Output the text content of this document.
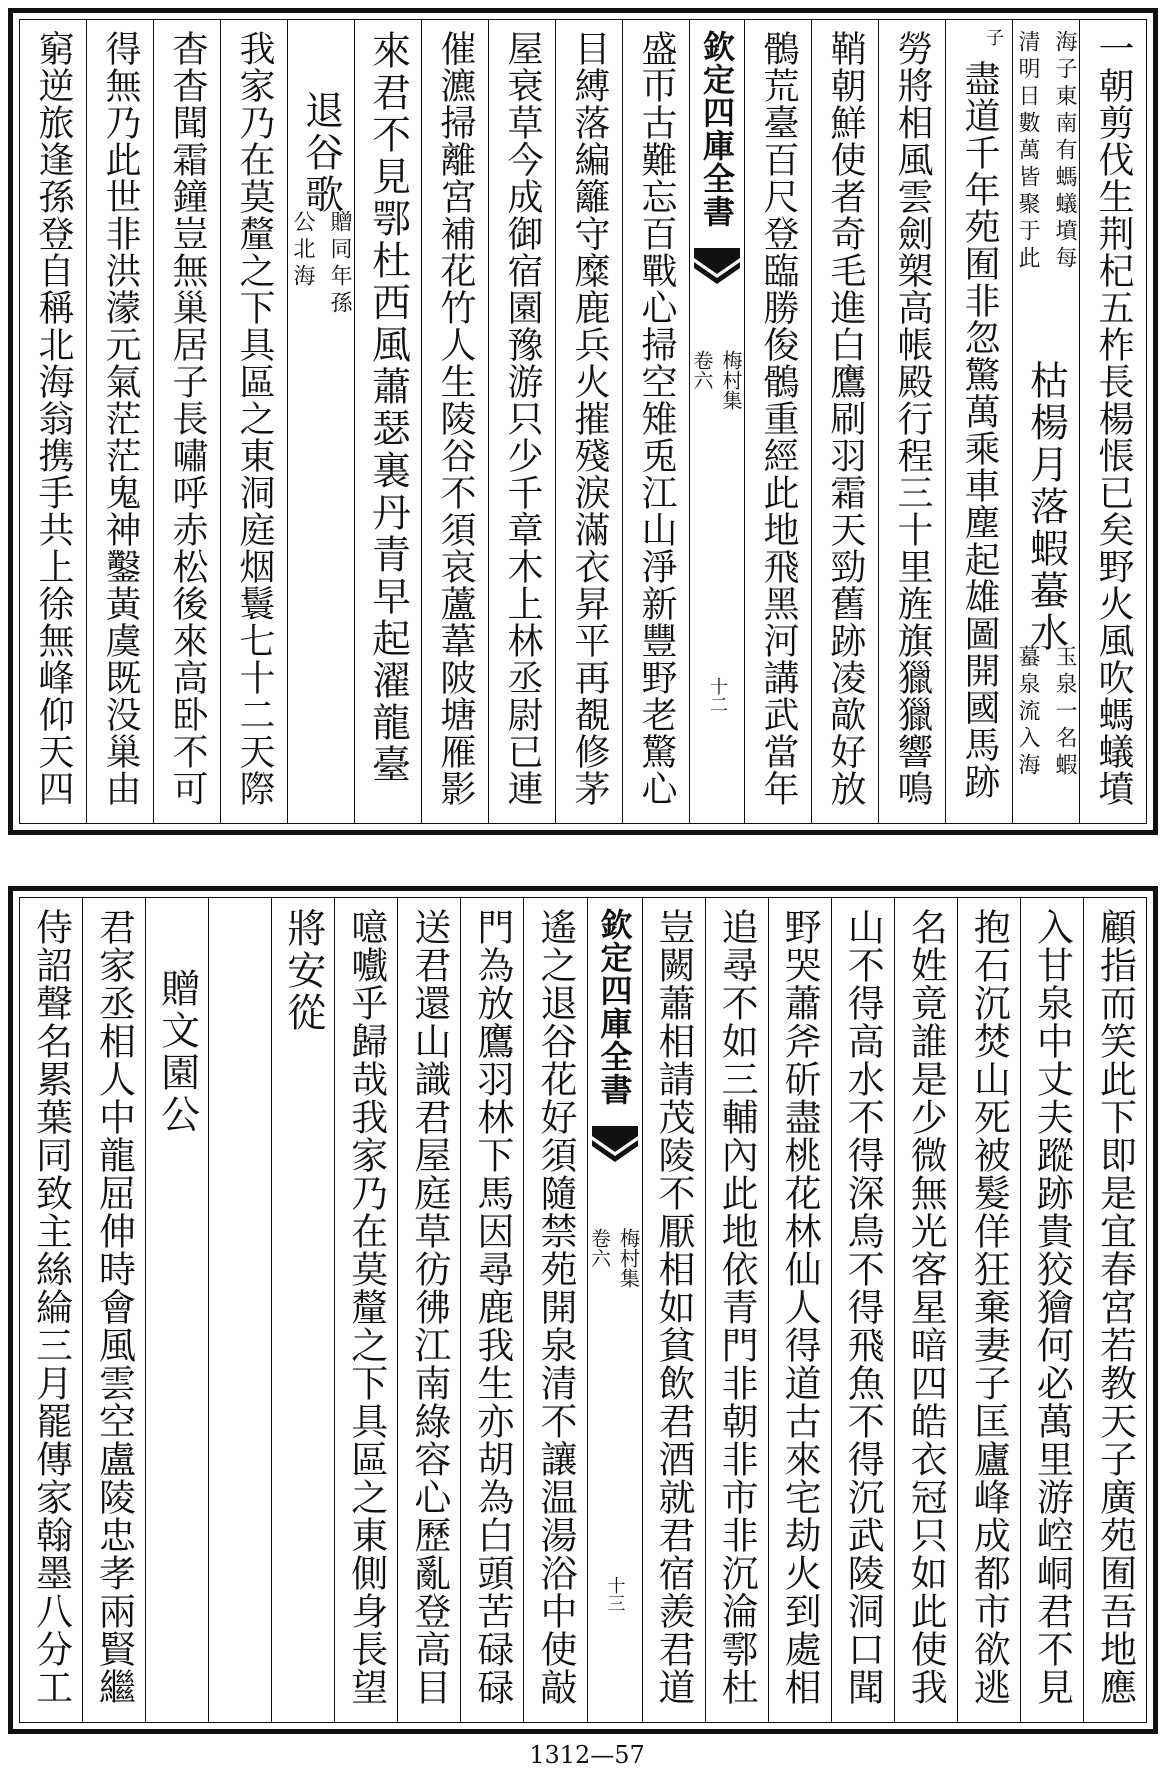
一朝剪伐生荆杞五柞長楊悵已矣野火風吹螞蟻墳
海子東南有螞蟻墳每
清明日數萬皆聚于此
枯楊月落蝦蟇水
玉泉一名蝦
蟇泉流入海
子
盡道千年苑囿非忽驚萬乘車塵起雄圖開國馬跡
勞將相風雲劍槊高帳殿行程三十里旌旗獵獵響鳴
鞘朝鮮使者奇毛進白鷹刷羽霜天勁舊跡凌歊好放
鶻荒臺百尺登臨勝俊鶻重經此地飛黑河講武當年
欽定四庫全書
梅村集
卷六
十二
盛帀古難忘百戰心掃空雉兎江山淨新豐野老驚心
目縛落編籬守糜鹿兵火摧殘淚滿衣昇平再覩修茅
屋衰草今成御宿園豫游只少千章木上林丞尉已連
催瀌掃離宮補花竹人生陵谷不須哀蘆葦陂塘雁影
來君不見鄂杜西風蕭瑟裏丹青早起濯龍臺
退谷歌
贈同年孫
公北海
我家乃在莫釐之下具區之東洞庭烟鬟七十二天際
杳杳聞霜鐘豈無巢居子長嘯呼赤松後來高卧不可
得無乃此世非洪濛元氣茫茫鬼神鑿黃虞既没巢由
窮逆旅逢孫登自稱北海翁携手共上徐無峰仰天四
顧指而笑此下即是宜春宮若教天子廣苑囿吾地應
入甘泉中丈夫蹤跡貴狡獪何必萬里游崆峒君不見
抱石沉焚山死被髮佯狂棄妻子匡廬峰成都市欲逃
名姓竟誰是少微無光客星暗四皓衣冠只如此使我
山不得高水不得深鳥不得飛魚不得沉武陵洞口聞
野哭蕭斧斫盡桃花林仙人得道古來宅劫火到處相
追尋不如三輔內此地依青門非朝非市非沉淪鄠杜
豈闕蕭相請茂陵不厭相如貧飲君酒就君宿羨君道
欽定四庫全書
梅村集
卷六
十三
遙之退谷花好須隨禁苑開泉清不讓温湯浴中使敲
門為放鷹羽林下馬因尋鹿我生亦胡為白頭苦碌碌
送君還山識君屋庭草彷彿江南綠容心歷亂登高目
噫嚱乎歸哉我家乃在莫釐之下具區之東側身長望
將安從
贈文園公
君家丞相人中龍屈伸時會風雲空盧陵忠孝兩賢繼
侍詔聲名累葉同致主絲綸三月罷傳家翰墨八分工
1312—57
